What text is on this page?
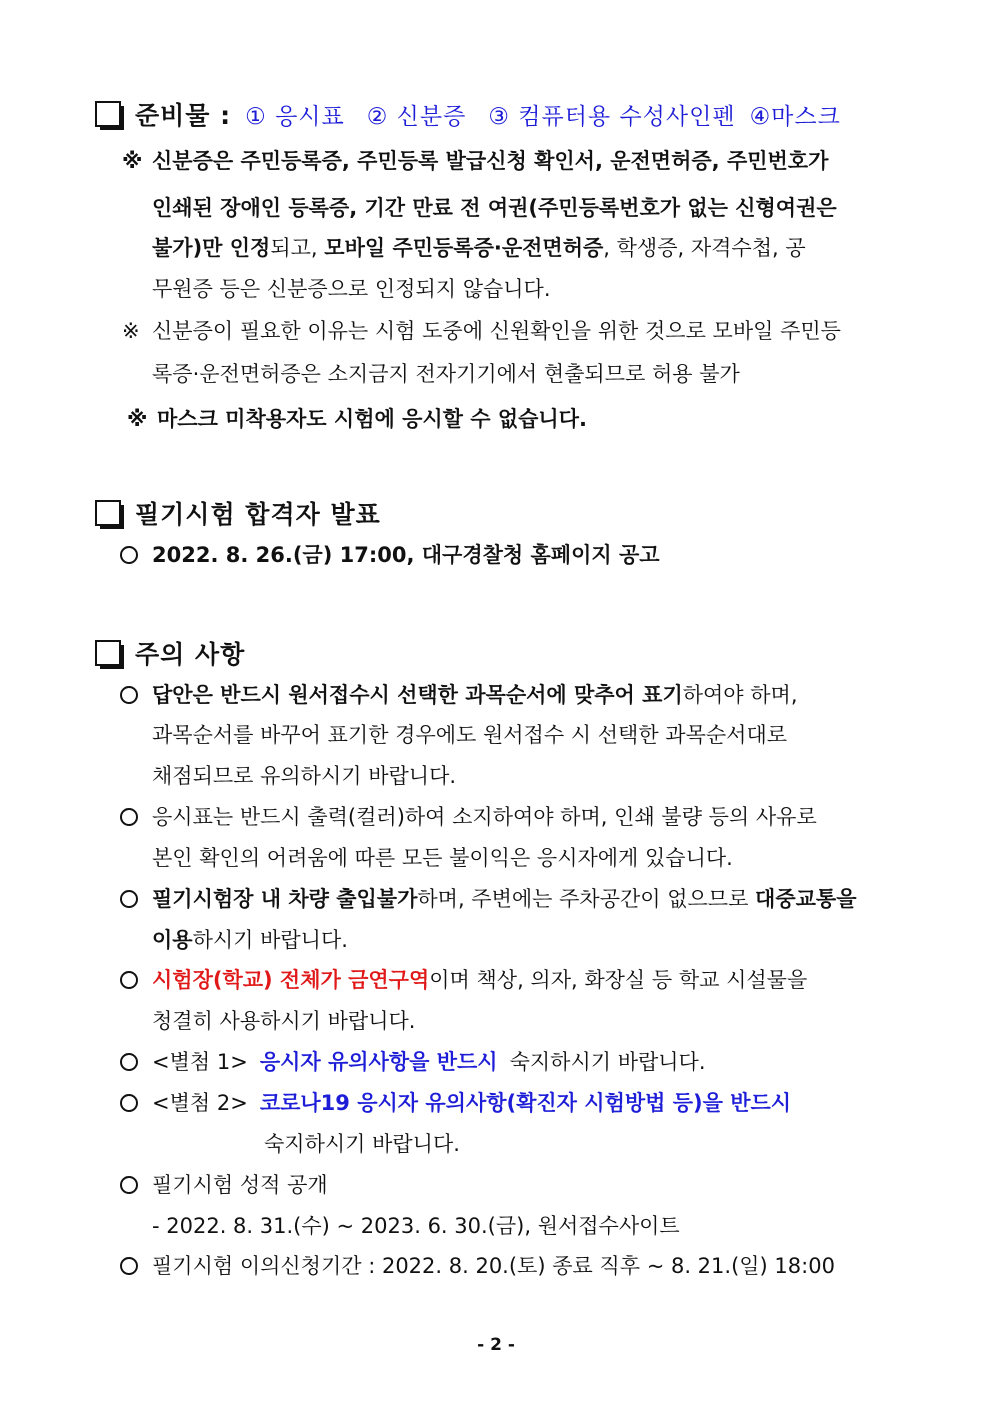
준비물 : ① 응시표 ② 신분증 ③ 컴퓨터용 수성사인펜 ④마스크
※ 신분증은 주민등록증, 주민등록 발급신청 확인서, 운전면허증, 주민번호가
인쇄된 장애인 등록증, 기간 만료 전 여권(주민등록번호가 없는 신형여권은
불가)만 인정되고, 모바일 주민등록증·운전면허증, 학생증, 자격수첩, 공
무원증 등은 신분증으로 인정되지 않습니다.
※ 신분증이 필요한 이유는 시험 도중에 신원확인을 위한 것으로 모바일 주민등
록증·운전면허증은 소지금지 전자기기에서 현출되므로 허용 불가
※ 마스크 미착용자도 시험에 응시할 수 없습니다.
필기시험 합격자 발표
2022. 8. 26.(금) 17:00, 대구경찰청 홈페이지 공고
주의 사항
답안은 반드시 원서접수시 선택한 과목순서에 맞추어 표기하여야 하며,
과목순서를 바꾸어 표기한 경우에도 원서접수 시 선택한 과목순서대로
채점되므로 유의하시기 바랍니다.
응시표는 반드시 출력(컬러)하여 소지하여야 하며, 인쇄 불량 등의 사유로
본인 확인의 어려움에 따른 모든 불이익은 응시자에게 있습니다.
필기시험장 내 차량 출입불가하며, 주변에는 주차공간이 없으므로 대중교통을
이용하시기 바랍니다.
시험장(학교) 전체가 금연구역이며 책상, 의자, 화장실 등 학교 시설물을
청결히 사용하시기 바랍니다.
<별첨 1> 응시자 유의사항을 반드시 숙지하시기 바랍니다.
<별첨 2> 코로나19 응시자 유의사항(확진자 시험방법 등)을 반드시
숙지하시기 바랍니다.
필기시험 성적 공개
- 2022. 8. 31.(수) ~ 2023. 6. 30.(금), 원서접수사이트
필기시험 이의신청기간 : 2022. 8. 20.(토) 종료 직후 ~ 8. 21.(일) 18:00
- 2 -
